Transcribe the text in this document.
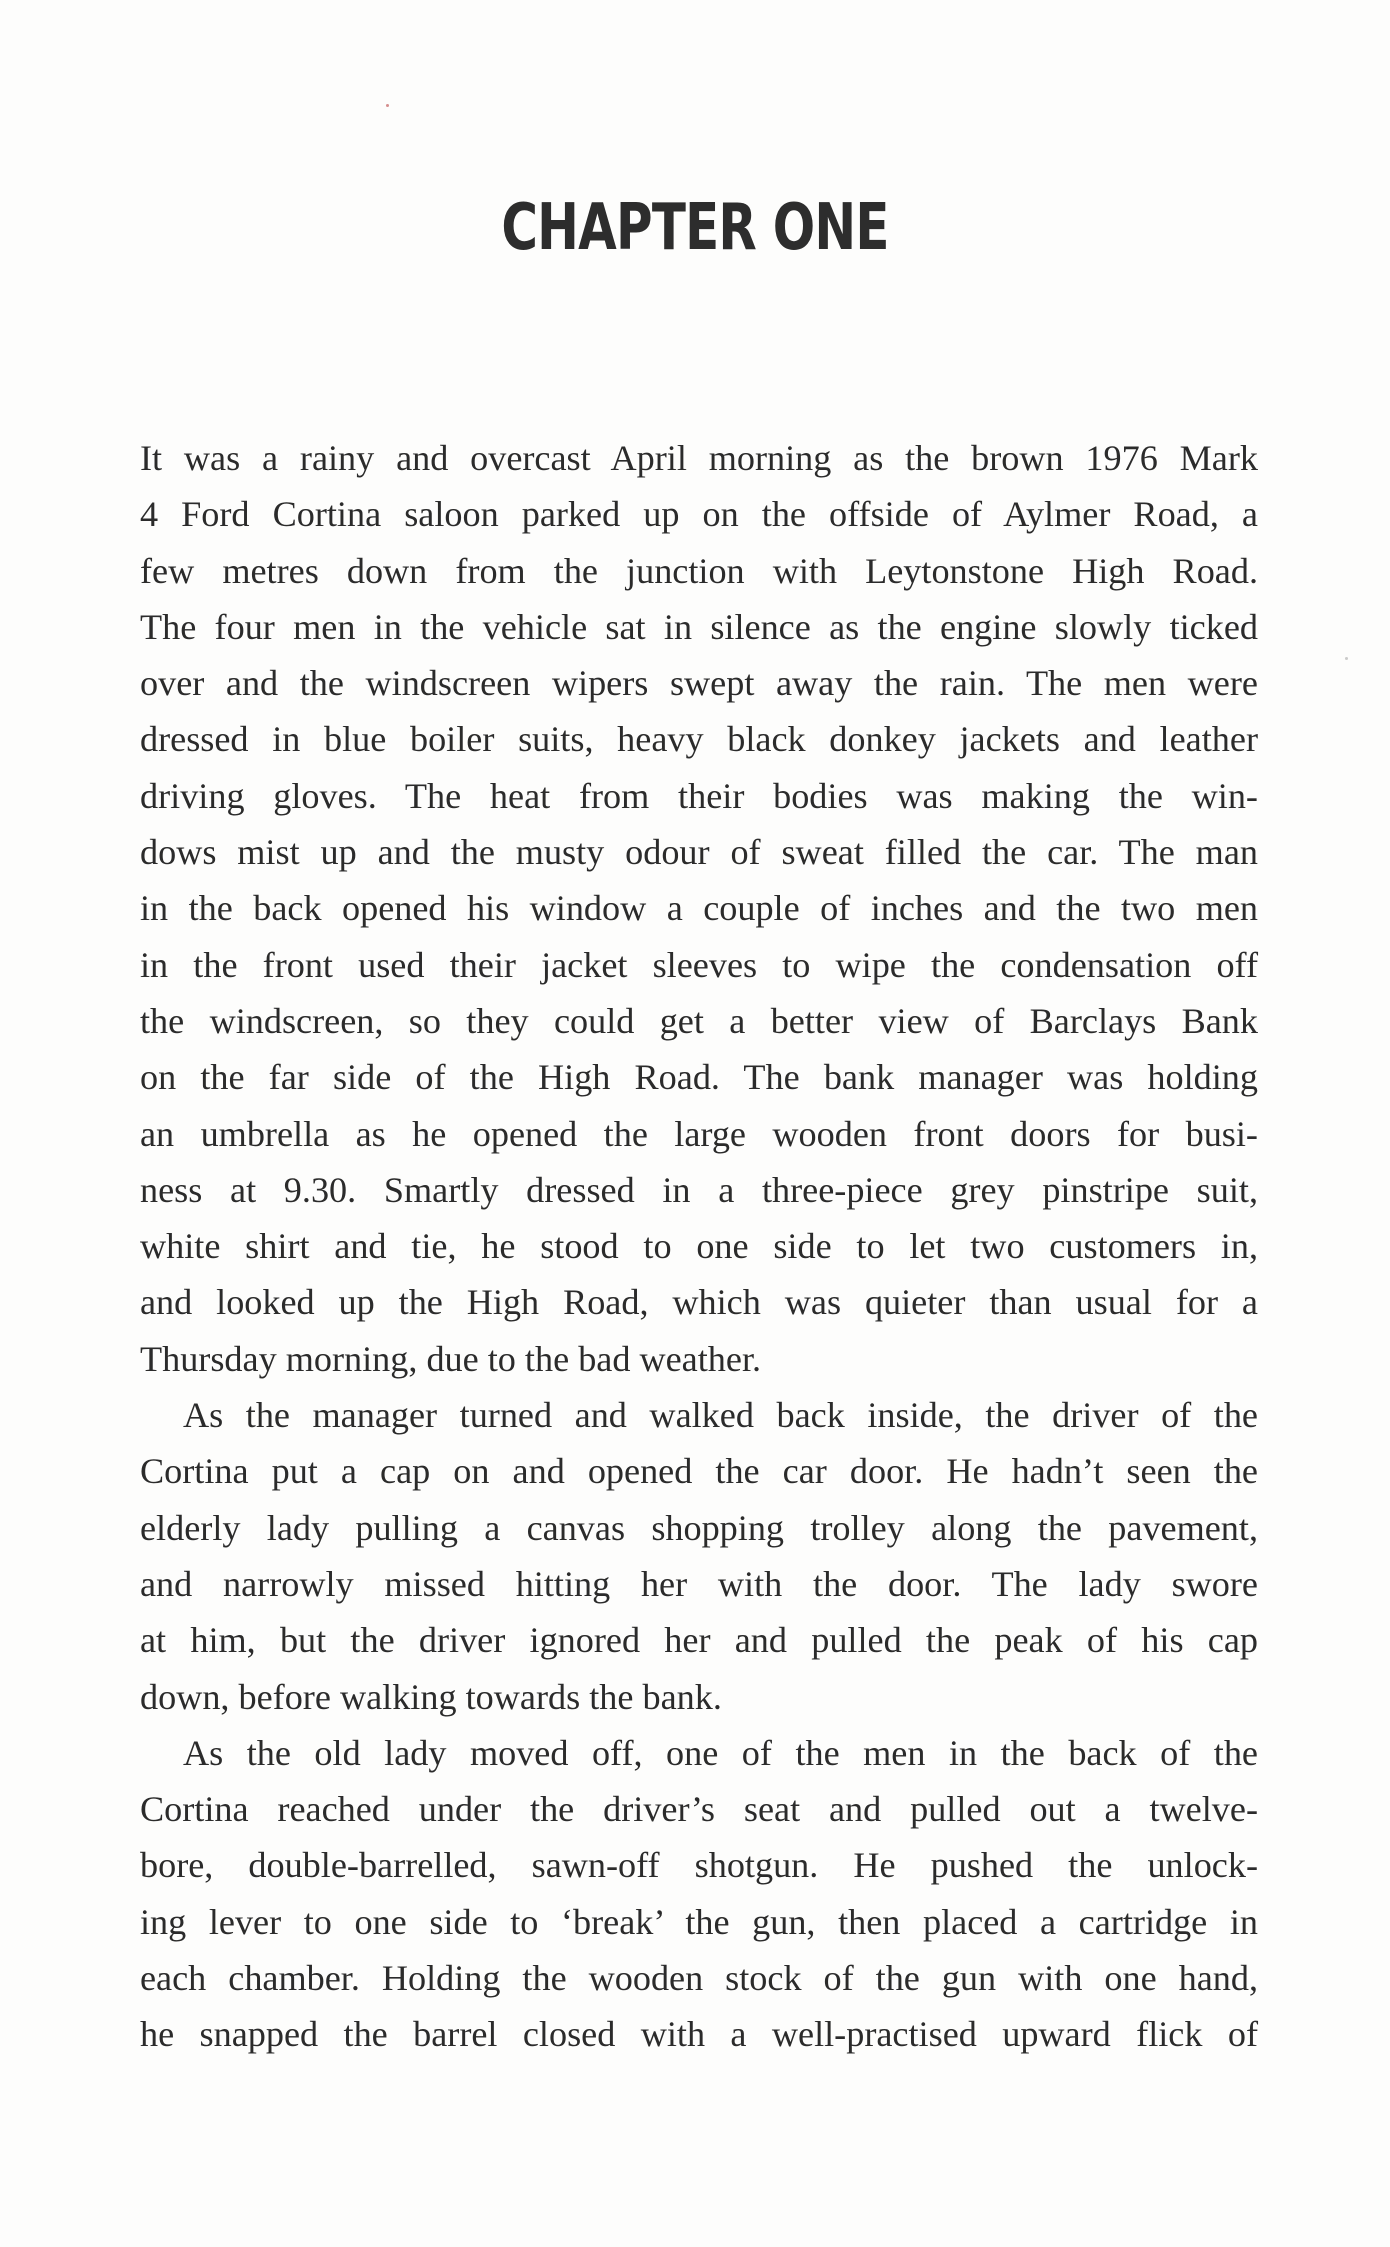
CHAPTER ONE
It was a rainy and overcast April morning as the brown 1976 Mark
4 Ford Cortina saloon parked up on the offside of Aylmer Road, a
few metres down from the junction with Leytonstone High Road.
The four men in the vehicle sat in silence as the engine slowly ticked
over and the windscreen wipers swept away the rain. The men were
dressed in blue boiler suits, heavy black donkey jackets and leather
driving gloves. The heat from their bodies was making the win-
dows mist up and the musty odour of sweat filled the car. The man
in the back opened his window a couple of inches and the two men
in the front used their jacket sleeves to wipe the condensation off
the windscreen, so they could get a better view of Barclays Bank
on the far side of the High Road. The bank manager was holding
an umbrella as he opened the large wooden front doors for busi-
ness at 9.30. Smartly dressed in a three-piece grey pinstripe suit,
white shirt and tie, he stood to one side to let two customers in,
and looked up the High Road, which was quieter than usual for a
Thursday morning, due to the bad weather.
As the manager turned and walked back inside, the driver of the
Cortina put a cap on and opened the car door. He hadn’t seen the
elderly lady pulling a canvas shopping trolley along the pavement,
and narrowly missed hitting her with the door. The lady swore
at him, but the driver ignored her and pulled the peak of his cap
down, before walking towards the bank.
As the old lady moved off, one of the men in the back of the
Cortina reached under the driver’s seat and pulled out a twelve-
bore, double-barrelled, sawn-off shotgun. He pushed the unlock-
ing lever to one side to ‘break’ the gun, then placed a cartridge in
each chamber. Holding the wooden stock of the gun with one hand,
he snapped the barrel closed with a well-practised upward flick of
